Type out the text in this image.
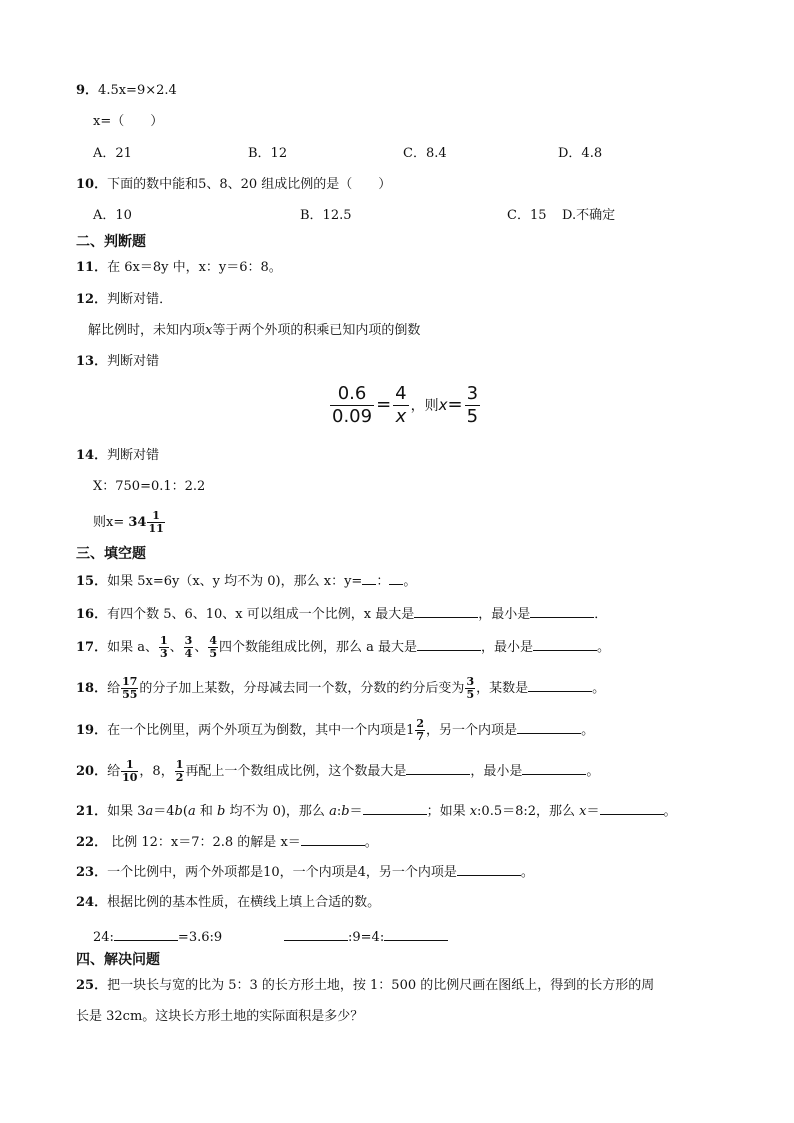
9．4.5x=9×2.4
x=（　　）
A．21	B．12	C．8.4	D．4.8
10．下面的数中能和5、8、20 组成比例的是（　　）
A．10	B．12.5	C．15 D.不确定
二、判断题
11．在 6x＝8y 中，x：y＝6：8。
12．判断对错．
解比例时，未知内项x等于两个外项的积乘已知内项的倒数
13．判断对错
$\frac{0.6}{0.09} = \frac{4}{x}$ ，则$x= \frac{3}{5}$
14．判断对错
X：750=0.1：2.2
则$x= 34 \frac{1}{11}$
三、填空题
15．如果 5x=6y（x、y 均不为 0)，那么 x：y= ： 。
16．有四个数 5、6、10、x 可以组成一个比例，x 最大是	，最小是	．
17．如果 a、 $\frac{1}{3}$ 、 $\frac{3}{4}$ 、 $\frac{4}{5}$ 四个数能组成比例，那么 a 最大是	，最小是	。
18．给 $\frac{17}{55}$ 的分子加上某数，分母减去同一个数，分数的约分后变为 $\frac{3}{5}$ ，某数是	。
19．在一个比例里，两个外项互为倒数，其中一个内项是$1 \frac{2}{7}$ ，另一个内项是	。
20．给 $\frac{1}{10}$ ，8， $\frac{1}{2}$ 再配上一个数组成比例，这个数最大是	，最小是	。
21．如果 3a＝4b(a 和 b 均不为 0)，那么 a:b＝	；如果 x:0.5＝8:2，那么 x＝	。
22． 比例 12：x＝7：2.8 的解是 x＝	。
23．一个比例中，两个外项都是10，一个内项是4，另一个内项是	。
24．根据比例的基本性质，在横线上填上合适的数。
24:	=3.6:9	:9=4:
四、解决问题
25．把一块长与宽的比为 5：3 的长方形土地，按 1：500 的比例尺画在图纸上，得到的长方形的周
长是 32cm。这块长方形土地的实际面积是多少？
